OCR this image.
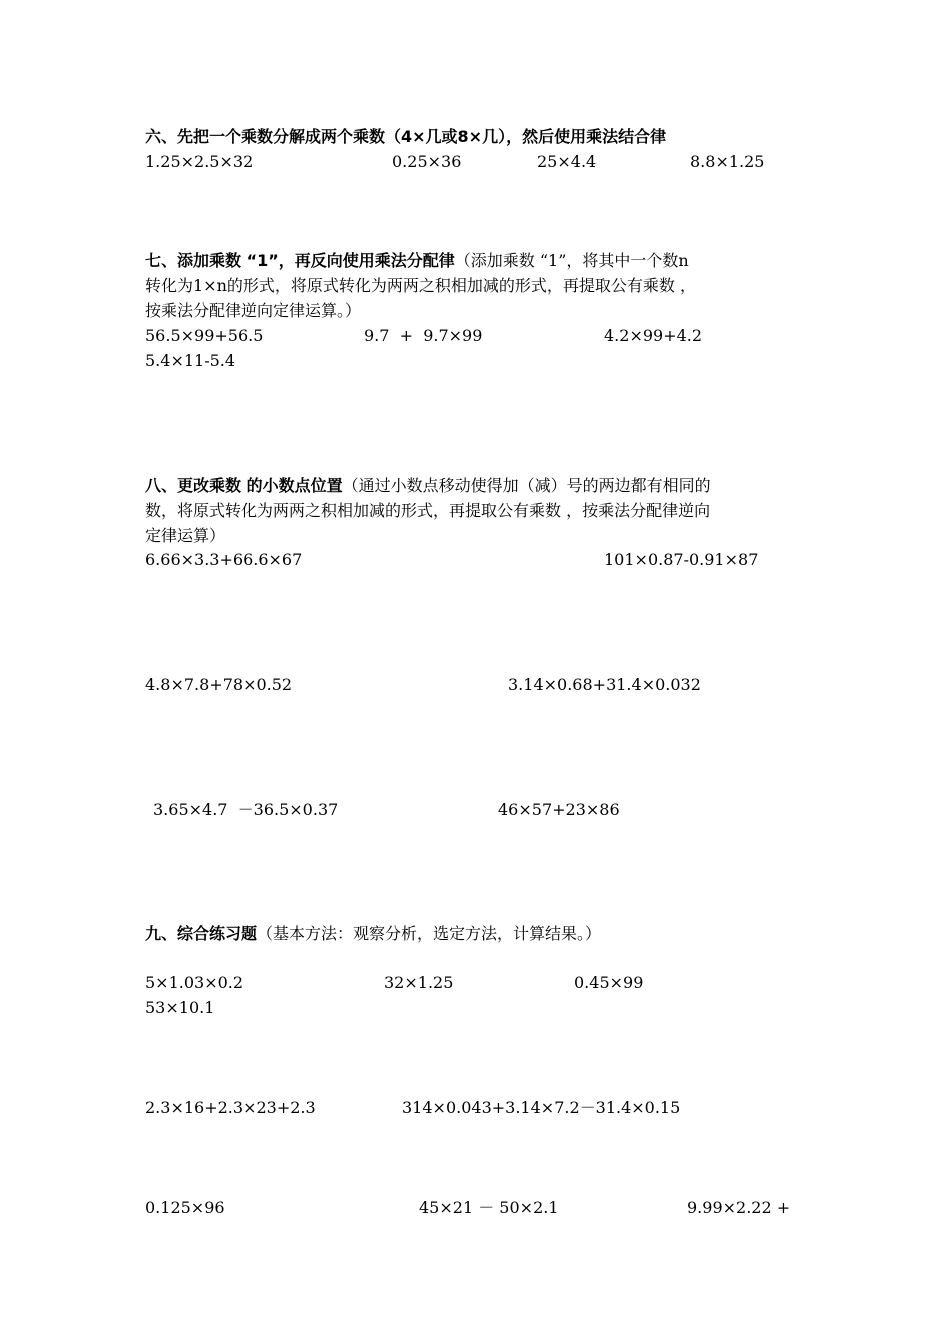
六、先把一个乘数分解成两个乘数（4×几或8×几），然后使用乘法结合律
1.25×2.5×32	0.25×36	25×4.4	8.8×1.25
七、添加乘数 “1”，再反向使用乘法分配律（添加乘数 “1”，将其中一个数n
转化为1×n的形式，将原式转化为两两之积相加减的形式，再提取公有乘数 ，
按乘法分配律逆向定律运算。）
56.5×99+56.5	9.7  +  9.7×99	4.2×99+4.2
5.4×11-5.4
八、更改乘数 的小数点位置（通过小数点移动使得加（减）号的两边都有相同的
数，将原式转化为两两之积相加减的形式，再提取公有乘数 ，按乘法分配律逆向
定律运算）
6.66×3.3+66.6×67	101×0.87-0.91×87
4.8×7.8+78×0.52	3.14×0.68+31.4×0.032
3.65×4.7  －36.5×0.37	46×57+23×86
九、综合练习题（基本方法：观察分析，选定方法，计算结果。）
5×1.03×0.2	32×1.25	0.45×99
53×10.1
2.3×16+2.3×23+2.3	314×0.043+3.14×7.2－31.4×0.15
0.125×96	45×21 － 50×2.1	9.99×2.22 +
